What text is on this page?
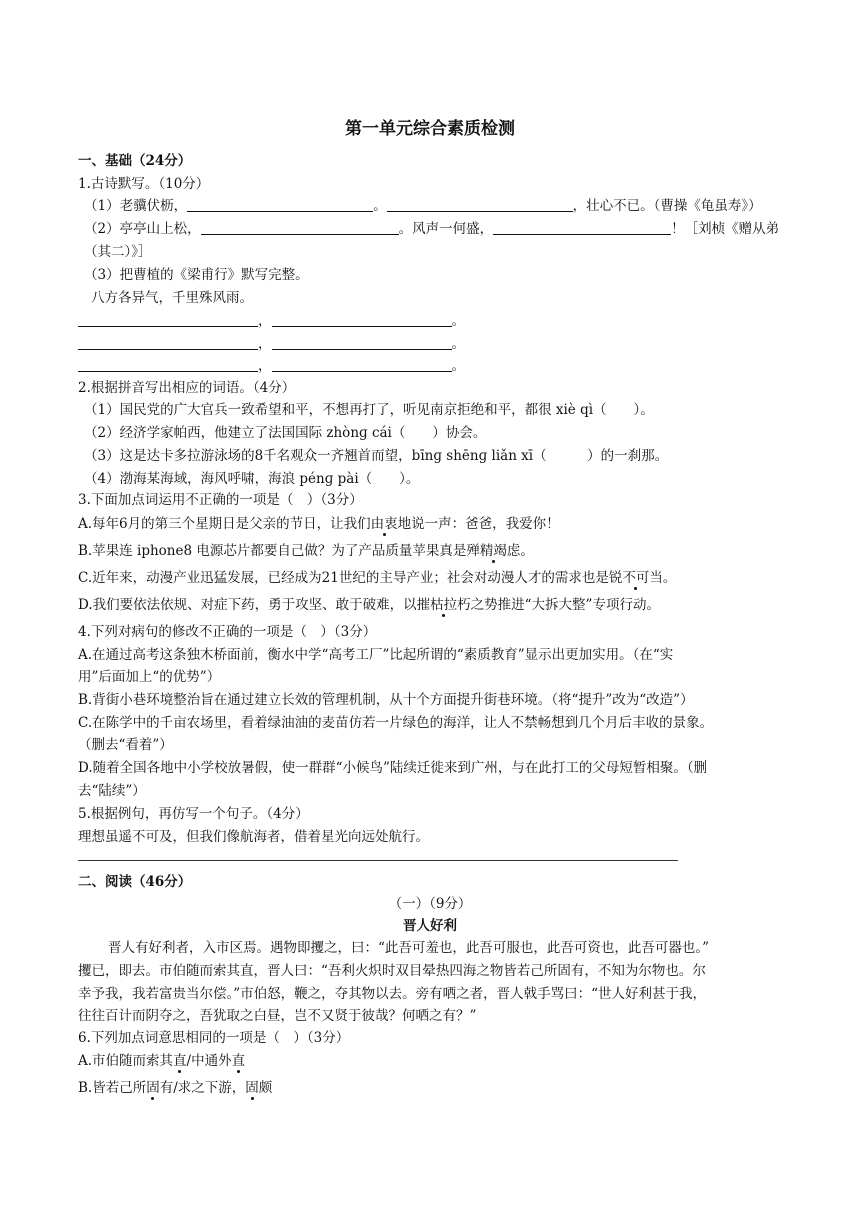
第一单元综合素质检测
一、基础（24分）
1.古诗默写。（10分）
（1）老骥伏枥，	。	，壮心不已。（曹操《龟虽寿》）
（2）亭亭山上松，	。风声一何盛，	！［刘桢《赠从弟
（其二）》］
（3）把曹植的《梁甫行》默写完整。
八方各异气，千里殊风雨。
，	。
，	。
，	。
2.根据拼音写出相应的词语。（4分）
（1）国民党的广大官兵一致希望和平，不想再打了，听见南京拒绝和平，都很 xiè qì（　　）。
（2）经济学家帕西，他建立了法国国际 zhònɡ cái（　　）协会。
（3）这是达卡多拉游泳场的8千名观众一齐翘首而望，bīnɡ shēnɡ liǎn xī（　　　）的一刹那。
（4）渤海某海域，海风呼啸，海浪 pénɡ pài（　　）。
3.下面加点词运用不正确的一项是（　）（3分）
A.每年6月的第三个星期日是父亲的节日，让我们由衷地说一声：爸爸，我爱你！
B.苹果连 iphone8 电源芯片都要自己做？为了产品质量苹果真是殚精竭虑。
C.近年来，动漫产业迅猛发展，已经成为21世纪的主导产业；社会对动漫人才的需求也是锐不可当。
D.我们要依法依规、对症下药，勇于攻坚、敢于破难，以摧枯拉朽之势推进“大拆大整”专项行动。
4.下列对病句的修改不正确的一项是（　）（3分）
A.在通过高考这条独木桥面前，衡水中学“高考工厂”比起所谓的“素质教育”显示出更加实用。（在“实
用”后面加上“的优势”）
B.背街小巷环境整治旨在通过建立长效的管理机制，从十个方面提升街巷环境。（将“提升”改为“改造”）
C.在陈学中的千亩农场里，看着绿油油的麦苗仿若一片绿色的海洋，让人不禁畅想到几个月后丰收的景象。
（删去“看着”）
D.随着全国各地中小学校放暑假，使一群群“小候鸟”陆续迁徙来到广州，与在此打工的父母短暂相聚。（删
去“陆续”）
5.根据例句，再仿写一个句子。（4分）
理想虽遥不可及，但我们像航海者，借着星光向远处航行。
二、阅读（46分）
（一）（9分）
晋人好利
晋人有好利者，入市区焉。遇物即攫之，曰：“此吾可羞也，此吾可服也，此吾可资也，此吾可器也。”
攫已，即去。市伯随而索其直，晋人曰：“吾利火炽时双目晕热四海之物皆若己所固有，不知为尔物也。尔
幸予我，我若富贵当尔偿。”市伯怒，鞭之，夺其物以去。旁有哂之者，晋人戟手骂曰：“世人好利甚于我，
往往百计而阴夺之，吾犹取之白昼，岂不又贤于彼哉？何哂之有？”
6.下列加点词意思相同的一项是（　）（3分）
A.市伯随而索其直/中通外直
B.皆若己所固有/求之下游，固颇
